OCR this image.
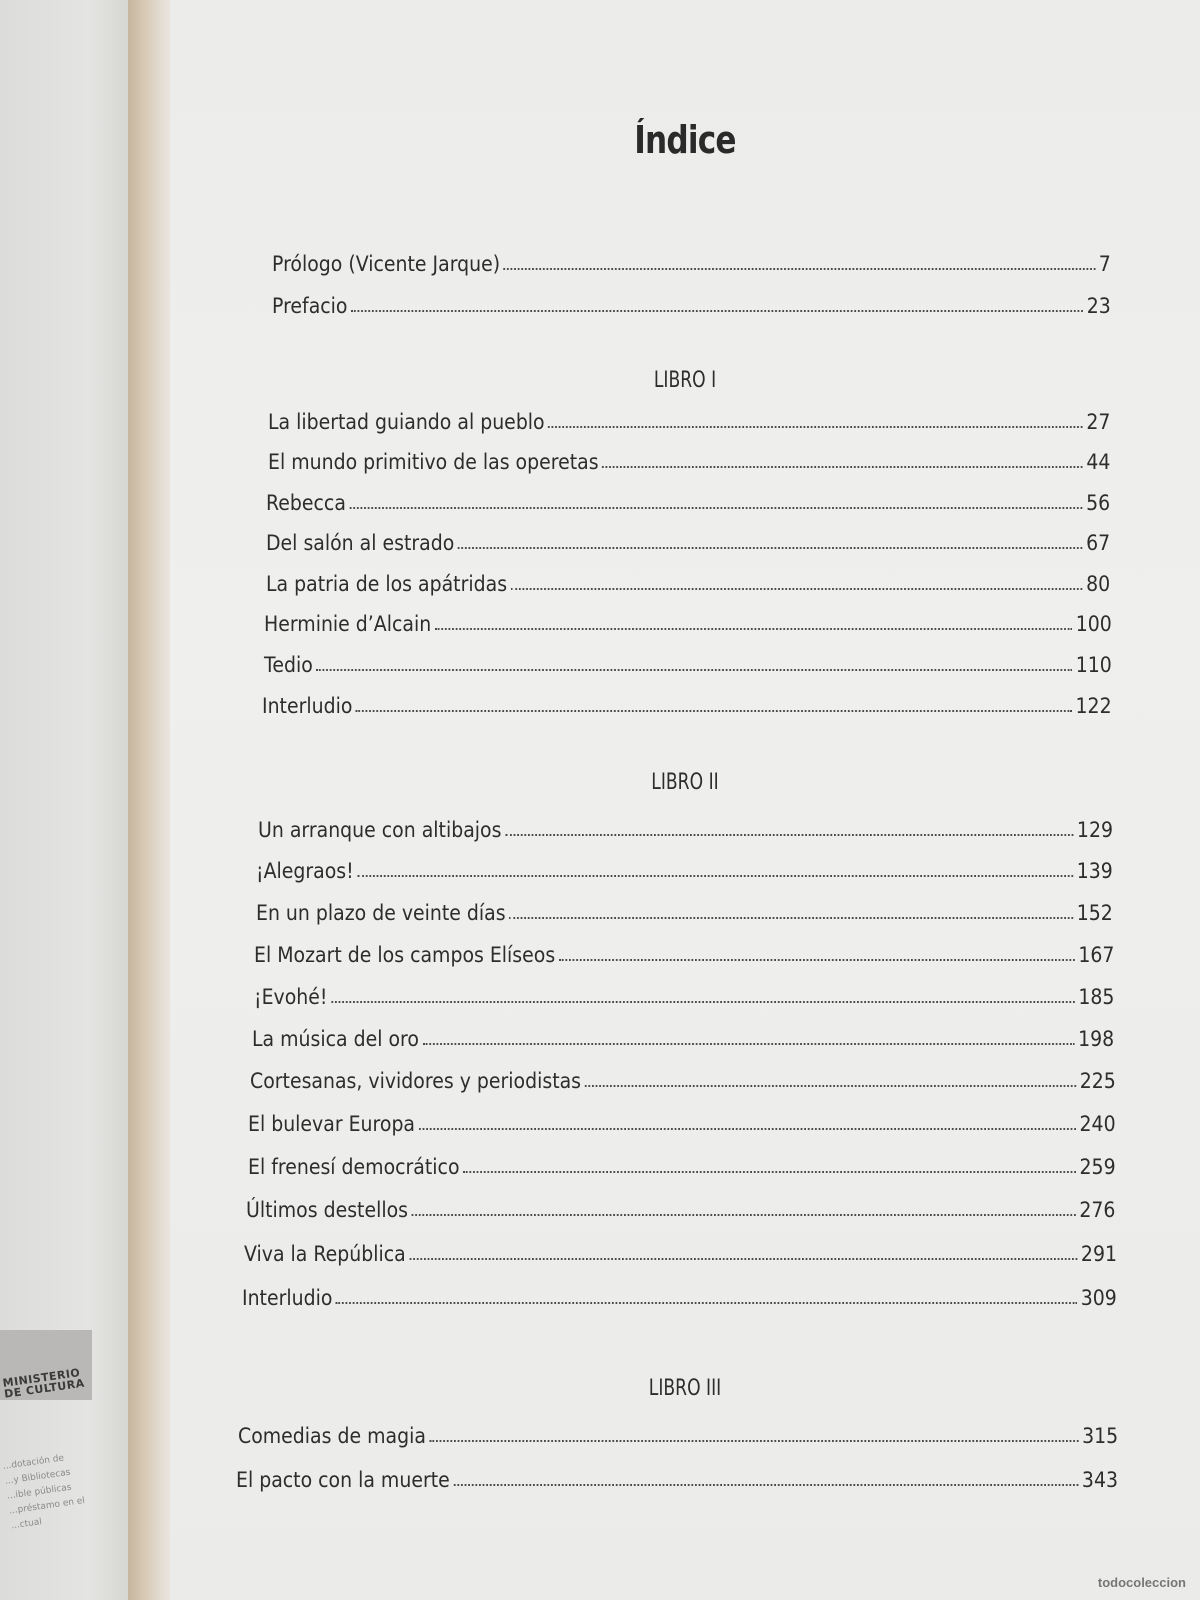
MINISTERIO DE CULTURA
...dotación de
...y Bibliotecas
...ible públicas
...préstamo en el
...ctual
Índice
Prólogo (Vicente Jarque)	7
Prefacio	23
LIBRO I
La libertad guiando al pueblo	27
El mundo primitivo de las operetas	44
Rebecca	56
Del salón al estrado	67
La patria de los apátridas	80
Herminie d’Alcain	100
Tedio	110
Interludio	122
LIBRO II
Un arranque con altibajos	129
¡Alegraos!	139
En un plazo de veinte días	152
El Mozart de los campos Elíseos	167
¡Evohé!	185
La música del oro	198
Cortesanas, vividores y periodistas	225
El bulevar Europa	240
El frenesí democrático	259
Últimos destellos	276
Viva la República	291
Interludio	309
LIBRO III
Comedias de magia	315
El pacto con la muerte	343
todocoleccion
